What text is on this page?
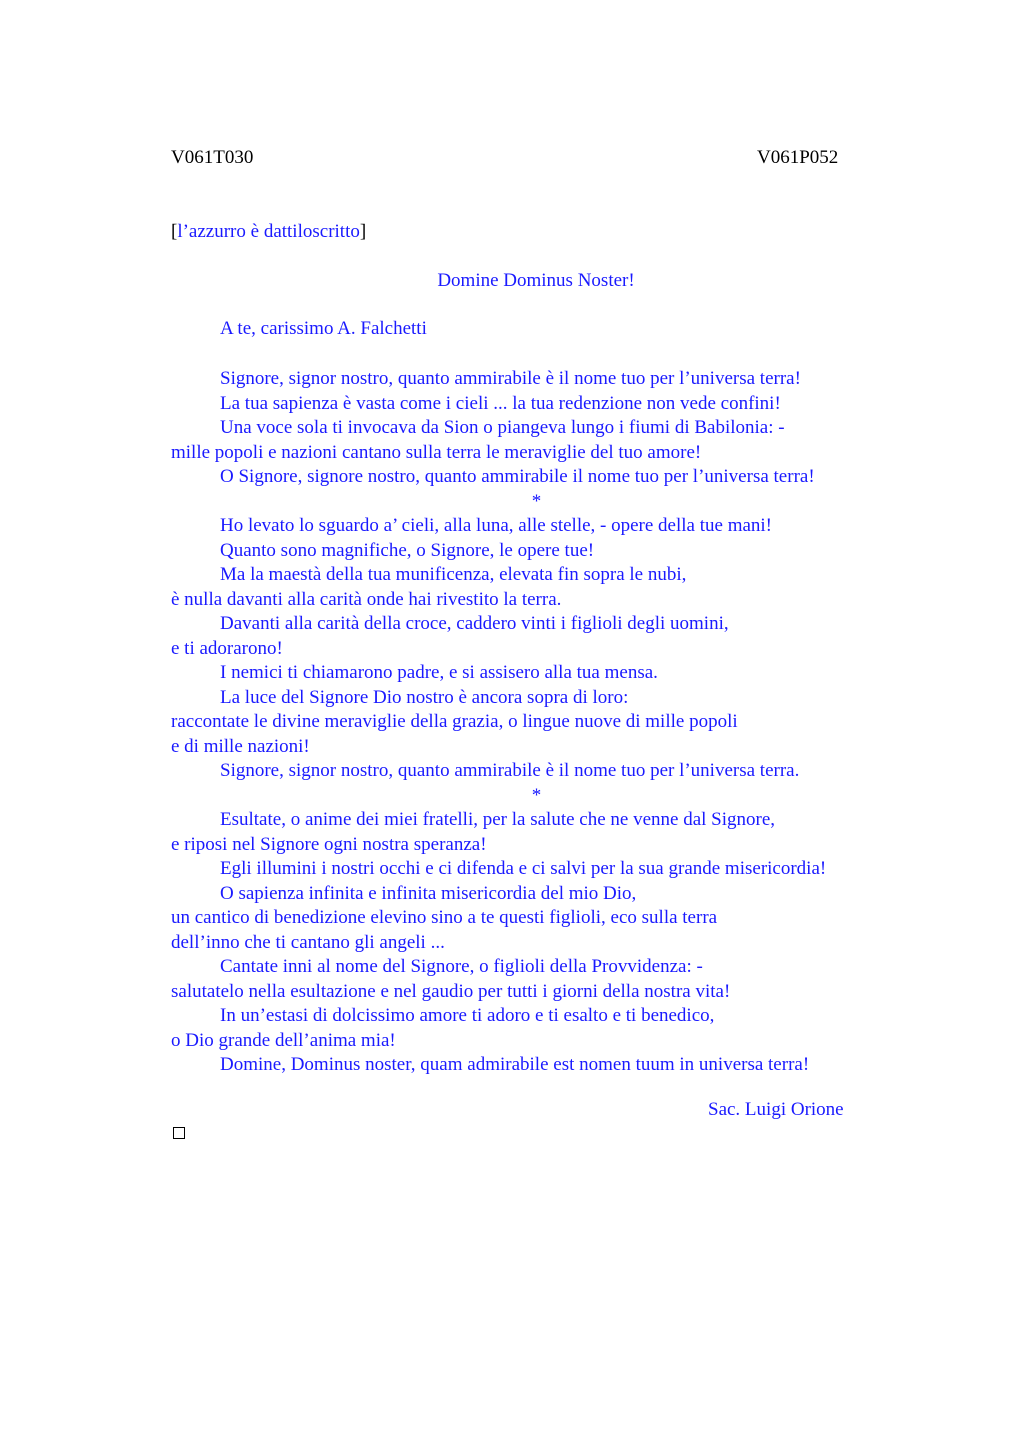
V061T030	V061P052
[l’azzurro è dattiloscritto]
Domine Dominus Noster!
A te, carissimo A. Falchetti
Signore, signor nostro, quanto ammirabile è il nome tuo per l’universa terra!
La tua sapienza è vasta come i cieli ... la tua redenzione non vede confini!
Una voce sola ti invocava da Sion o piangeva lungo i fiumi di Babilonia: -
mille popoli e nazioni cantano sulla terra le meraviglie del tuo amore!
O Signore, signore nostro, quanto ammirabile il nome tuo per l’universa terra!
*
Ho levato lo sguardo a’ cieli, alla luna, alle stelle, - opere della tue mani!
Quanto sono magnifiche, o Signore, le opere tue!
Ma la maestà della tua munificenza, elevata fin sopra le nubi,
è nulla davanti alla carità onde hai rivestito la terra.
Davanti alla carità della croce, caddero vinti i figlioli degli uomini,
e ti adorarono!
I nemici ti chiamarono padre, e si assisero alla tua mensa.
La luce del Signore Dio nostro è ancora sopra di loro:
raccontate le divine meraviglie della grazia, o lingue nuove di mille popoli
e di mille nazioni!
Signore, signor nostro, quanto ammirabile è il nome tuo per l’universa terra.
*
Esultate, o anime dei miei fratelli, per la salute che ne venne dal Signore,
e riposi nel Signore ogni nostra speranza!
Egli illumini i nostri occhi e ci difenda e ci salvi per la sua grande misericordia!
O sapienza infinita e infinita misericordia del mio Dio,
un cantico di benedizione elevino sino a te questi figlioli, eco sulla terra
dell’inno che ti cantano gli angeli ...
Cantate inni al nome del Signore, o figlioli della Provvidenza: -
salutatelo nella esultazione e nel gaudio per tutti i giorni della nostra vita!
In un’estasi di dolcissimo amore ti adoro e ti esalto e ti benedico,
o Dio grande dell’anima mia!
Domine, Dominus noster, quam admirabile est nomen tuum in universa terra!
Sac. Luigi Orione
